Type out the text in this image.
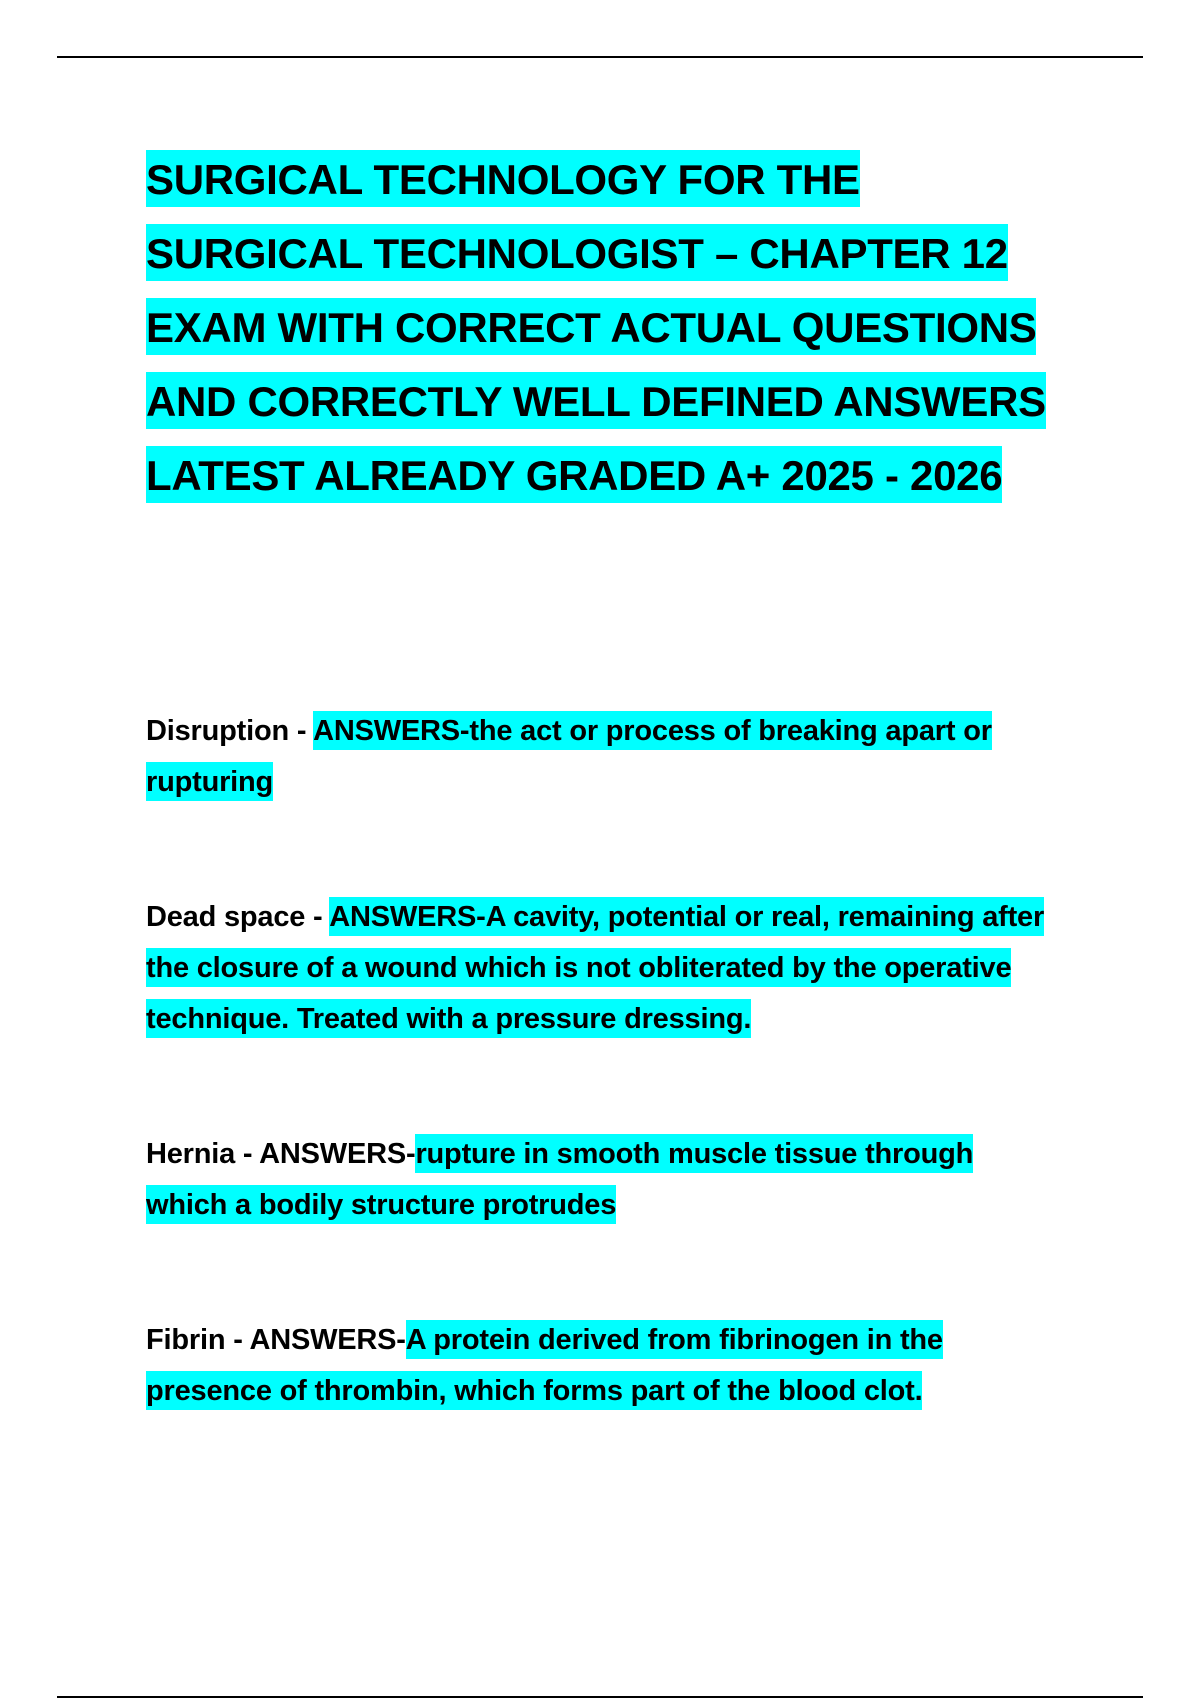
SURGICAL TECHNOLOGY FOR THE SURGICAL TECHNOLOGIST – CHAPTER 12 EXAM WITH CORRECT ACTUAL QUESTIONS AND CORRECTLY WELL DEFINED ANSWERS LATEST ALREADY GRADED A+ 2025 - 2026

Disruption - ANSWERS-the act or process of breaking apart or rupturing

Dead space - ANSWERS-A cavity, potential or real, remaining after the closure of a wound which is not obliterated by the operative technique. Treated with a pressure dressing.

Hernia - ANSWERS-rupture in smooth muscle tissue through which a bodily structure protrudes

Fibrin - ANSWERS-A protein derived from fibrinogen in the presence of thrombin, which forms part of the blood clot.
